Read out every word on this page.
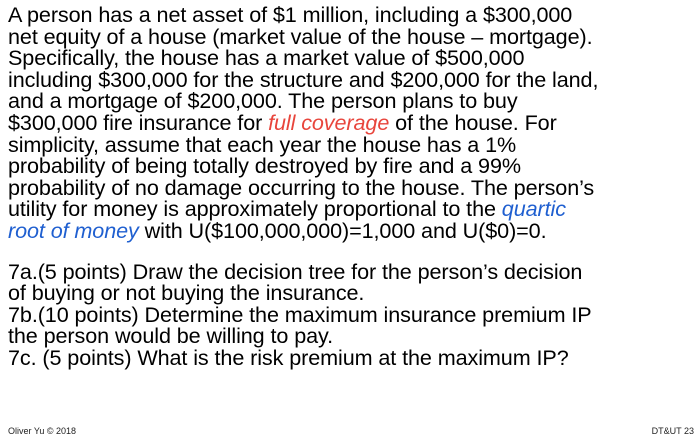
A person has a net asset of $1 million, including a $300,000
net equity of a house (market value of the house – mortgage).
Specifically, the house has a market value of $500,000
including $300,000 for the structure and $200,000 for the land,
and a mortgage of $200,000. The person plans to buy
$300,000 fire insurance for full coverage of the house. For
simplicity, assume that each year the house has a 1%
probability of being totally destroyed by fire and a 99%
probability of no damage occurring to the house. The person’s
utility for money is approximately proportional to the quartic
root of money with U($100,000,000)=1,000 and U($0)=0.
7a.(5 points) Draw the decision tree for the person’s decision
of buying or not buying the insurance.
7b.(10 points) Determine the maximum insurance premium IP
the person would be willing to pay.
7c. (5 points) What is the risk premium at the maximum IP?
Oliver Yu © 2018	DT&UT 23
